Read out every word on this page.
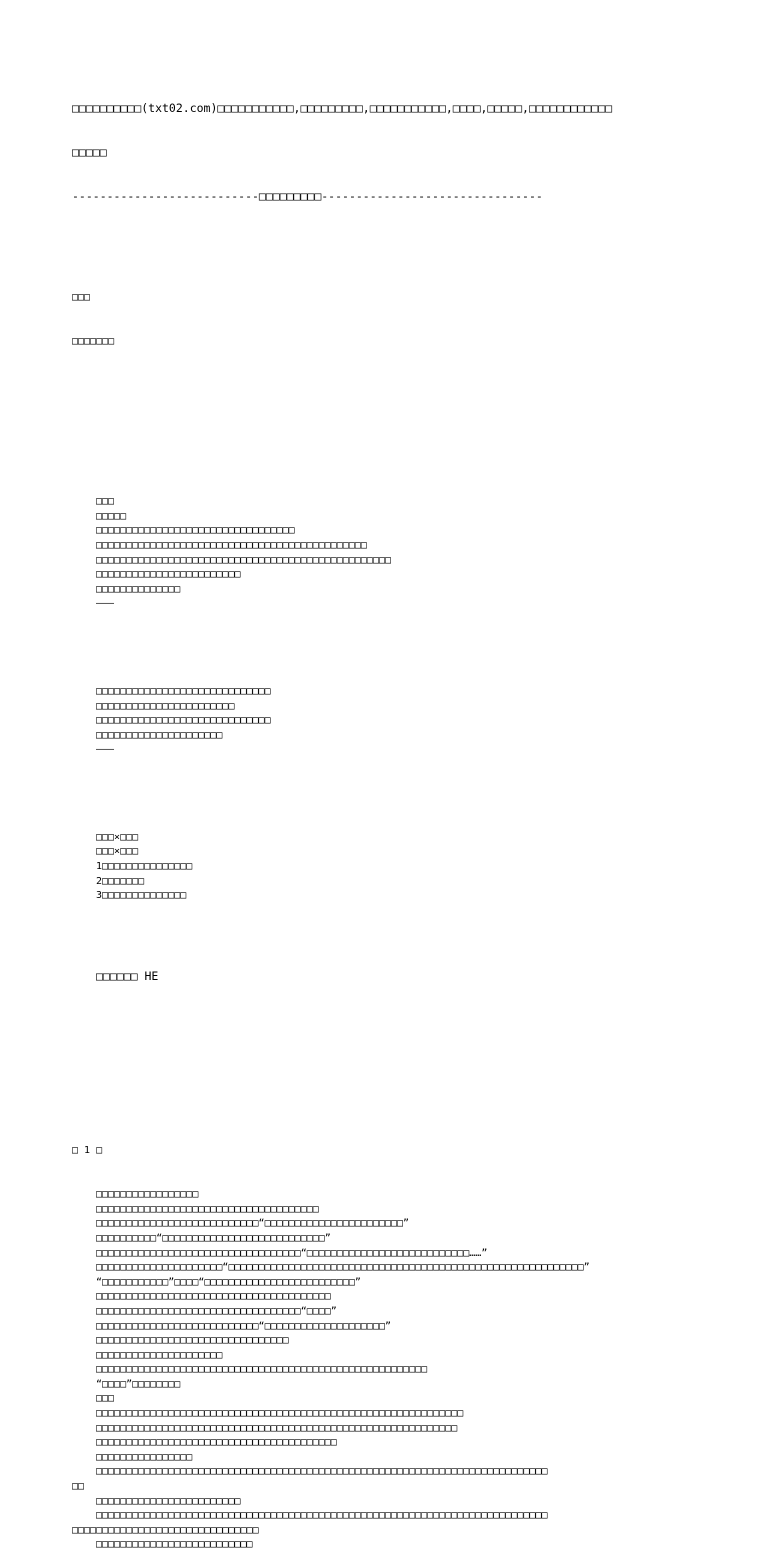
□□□□□□□□□□(txt02.com)□□□□□□□□□□□,□□□□□□□□□,□□□□□□□□□□□,□□□□,□□□□□,□□□□□□□□□□□□

□□□□□

---------------------------□□□□□□□□□--------------------------------

□□□

□□□□□□□

□□□
□□□□□
□□□□□□□□□□□□□□□□□□□□□□□□□□□□□□□□□
□□□□□□□□□□□□□□□□□□□□□□□□□□□□□□□□□□□□□□□□□□□□□
□□□□□□□□□□□□□□□□□□□□□□□□□□□□□□□□□□□□□□□□□□□□□□□□□
□□□□□□□□□□□□□□□□□□□□□□□□
□□□□□□□□□□□□□□
———

□□□□□□□□□□□□□□□□□□□□□□□□□□□□□
□□□□□□□□□□□□□□□□□□□□□□□
□□□□□□□□□□□□□□□□□□□□□□□□□□□□□
□□□□□□□□□□□□□□□□□□□□□
———

□□□×□□□
□□□×□□□
1□□□□□□□□□□□□□□□
2□□□□□□□
3□□□□□□□□□□□□□□

□□□□□□ HE

□ 1 □

□□□□□□□□□□□□□□□□□
□□□□□□□□□□□□□□□□□□□□□□□□□□□□□□□□□□□□□
□□□□□□□□□□□□□□□□□□□□□□□□□□□“□□□□□□□□□□□□□□□□□□□□□□□”
□□□□□□□□□□“□□□□□□□□□□□□□□□□□□□□□□□□□□□”
□□□□□□□□□□□□□□□□□□□□□□□□□□□□□□□□□□“□□□□□□□□□□□□□□□□□□□□□□□□□□□……”
□□□□□□□□□□□□□□□□□□□□□“□□□□□□□□□□□□□□□□□□□□□□□□□□□□□□□□□□□□□□□□□□□□□□□□□□□□□□□□□□□”
“□□□□□□□□□□□”□□□□“□□□□□□□□□□□□□□□□□□□□□□□□□”
□□□□□□□□□□□□□□□□□□□□□□□□□□□□□□□□□□□□□□□
□□□□□□□□□□□□□□□□□□□□□□□□□□□□□□□□□□“□□□□”
□□□□□□□□□□□□□□□□□□□□□□□□□□□“□□□□□□□□□□□□□□□□□□□□”
□□□□□□□□□□□□□□□□□□□□□□□□□□□□□□□□
□□□□□□□□□□□□□□□□□□□□□
□□□□□□□□□□□□□□□□□□□□□□□□□□□□□□□□□□□□□□□□□□□□□□□□□□□□□□□
“□□□□”□□□□□□□□
□□□
□□□□□□□□□□□□□□□□□□□□□□□□□□□□□□□□□□□□□□□□□□□□□□□□□□□□□□□□□□□□□
□□□□□□□□□□□□□□□□□□□□□□□□□□□□□□□□□□□□□□□□□□□□□□□□□□□□□□□□□□□□
□□□□□□□□□□□□□□□□□□□□□□□□□□□□□□□□□□□□□□□□
□□□□□□□□□□□□□□□□
□□□□□□□□□□□□□□□□□□□□□□□□□□□□□□□□□□□□□□□□□□□□□□□□□□□□□□□□□□□□□□□□□□□□□□□□□□□
□□
□□□□□□□□□□□□□□□□□□□□□□□□
□□□□□□□□□□□□□□□□□□□□□□□□□□□□□□□□□□□□□□□□□□□□□□□□□□□□□□□□□□□□□□□□□□□□□□□□□□□
□□□□□□□□□□□□□□□□□□□□□□□□□□□□□□□
□□□□□□□□□□□□□□□□□□□□□□□□□□
